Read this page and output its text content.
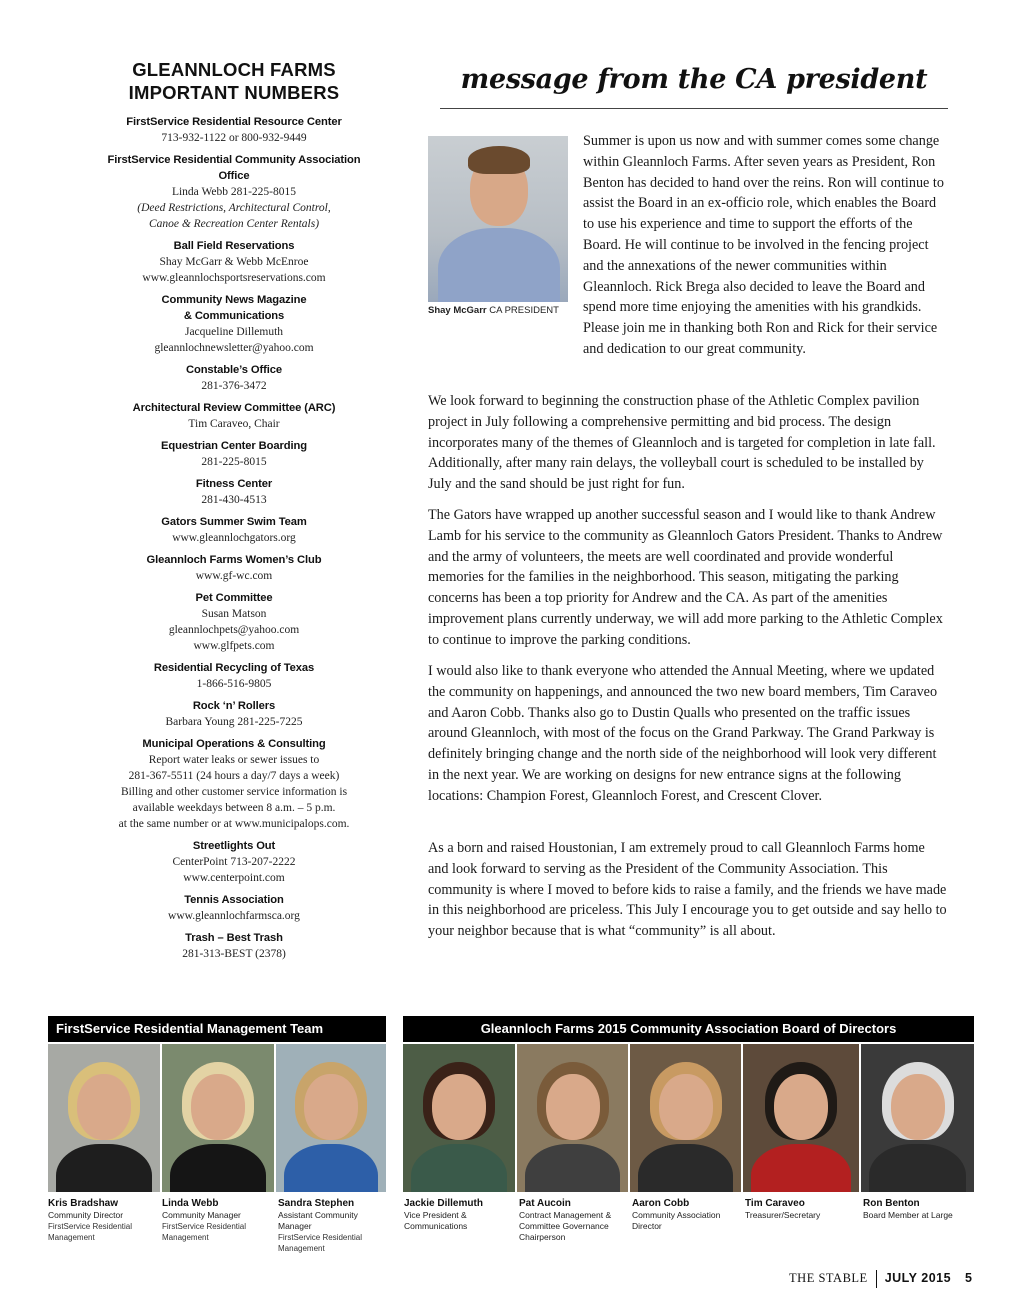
GLEANNLOCH FARMS
IMPORTANT NUMBERS
FirstService Residential Resource Center
713-932-1122 or 800-932-9449
FirstService Residential Community Association Office
Linda Webb 281-225-8015
(Deed Restrictions, Architectural Control,
Canoe & Recreation Center Rentals)
Ball Field Reservations
Shay McGarr & Webb McEnroe
www.gleannlochsportsreservations.com
Community News Magazine
& Communications
Jacqueline Dillemuth
gleannlochnewsletter@yahoo.com
Constable’s Office
281-376-3472
Architectural Review Committee (ARC)
Tim Caraveo, Chair
Equestrian Center Boarding
281-225-8015
Fitness Center
281-430-4513
Gators Summer Swim Team
www.gleannlochgators.org
Gleannloch Farms Women’s Club
www.gf-wc.com
Pet Committee
Susan Matson
gleannlochpets@yahoo.com
www.glfpets.com
Residential Recycling of Texas
1-866-516-9805
Rock ‘n’ Rollers
Barbara Young 281-225-7225
Municipal Operations & Consulting
Report water leaks or sewer issues to
281-367-5511 (24 hours a day/7 days a week)
Billing and other customer service information is
available weekdays between 8 a.m. – 5 p.m.
at the same number or at www.municipalops.com.
Streetlights Out
CenterPoint 713-207-2222
www.centerpoint.com
Tennis Association
www.gleannlochfarmsca.org
Trash – Best Trash
281-313-BEST (2378)
message from the CA president
Shay McGarr CA PRESIDENT
Summer is upon us now and with summer comes some change within Gleannloch Farms. After seven years as President, Ron Benton has decided to hand over the reins. Ron will continue to assist the Board in an ex-officio role, which enables the Board to use his experience and time to support the efforts of the Board. He will continue to be involved in the fencing project and the annexations of the newer communities within Gleannloch. Rick Brega also decided to leave the Board and spend more time enjoying the amenities with his grandkids. Please join me in thanking both Ron and Rick for their service and dedication to our great community.
We look forward to beginning the construction phase of the Athletic Complex pavilion project in July following a comprehensive permitting and bid process. The design incorporates many of the themes of Gleannloch and is targeted for completion in late fall. Additionally, after many rain delays, the volleyball court is scheduled to be installed by July and the sand should be just right for fun.
The Gators have wrapped up another successful season and I would like to thank Andrew Lamb for his service to the community as Gleannloch Gators President. Thanks to Andrew and the army of volunteers, the meets are well coordinated and provide wonderful memories for the families in the neighborhood. This season, mitigating the parking concerns has been a top priority for Andrew and the CA. As part of the amenities improvement plans currently underway, we will add more parking to the Athletic Complex to continue to improve the parking conditions.
I would also like to thank everyone who attended the Annual Meeting, where we updated the community on happenings, and announced the two new board members, Tim Caraveo and Aaron Cobb. Thanks also go to Dustin Qualls who presented on the traffic issues around Gleannloch, with most of the focus on the Grand Parkway. The Grand Parkway is definitely bringing change and the north side of the neighborhood will look very different in the next year. We are working on designs for new entrance signs at the following locations: Champion Forest, Gleannloch Forest, and Crescent Clover.
As a born and raised Houstonian, I am extremely proud to call Gleannloch Farms home and look forward to serving as the President of the Community Association. This community is where I moved to before kids to raise a family, and the friends we have made in this neighborhood are priceless. This July I encourage you to get outside and say hello to your neighbor because that is what “community” is all about.
FirstService Residential Management Team	Gleannloch Farms 2015 Community Association Board of Directors
Kris Bradshaw
Community Director
FirstService Residential Management
Linda Webb
Community Manager
FirstService Residential Management
Sandra Stephen
Assistant Community Manager
FirstService Residential Management
Jackie Dillemuth
Vice President & Communications
Pat Aucoin
Contract Management & Committee Governance Chairperson
Aaron Cobb
Community Association Director
Tim Caraveo
Treasurer/Secretary
Ron Benton
Board Member at Large
THE STABLE JULY 2015 5
